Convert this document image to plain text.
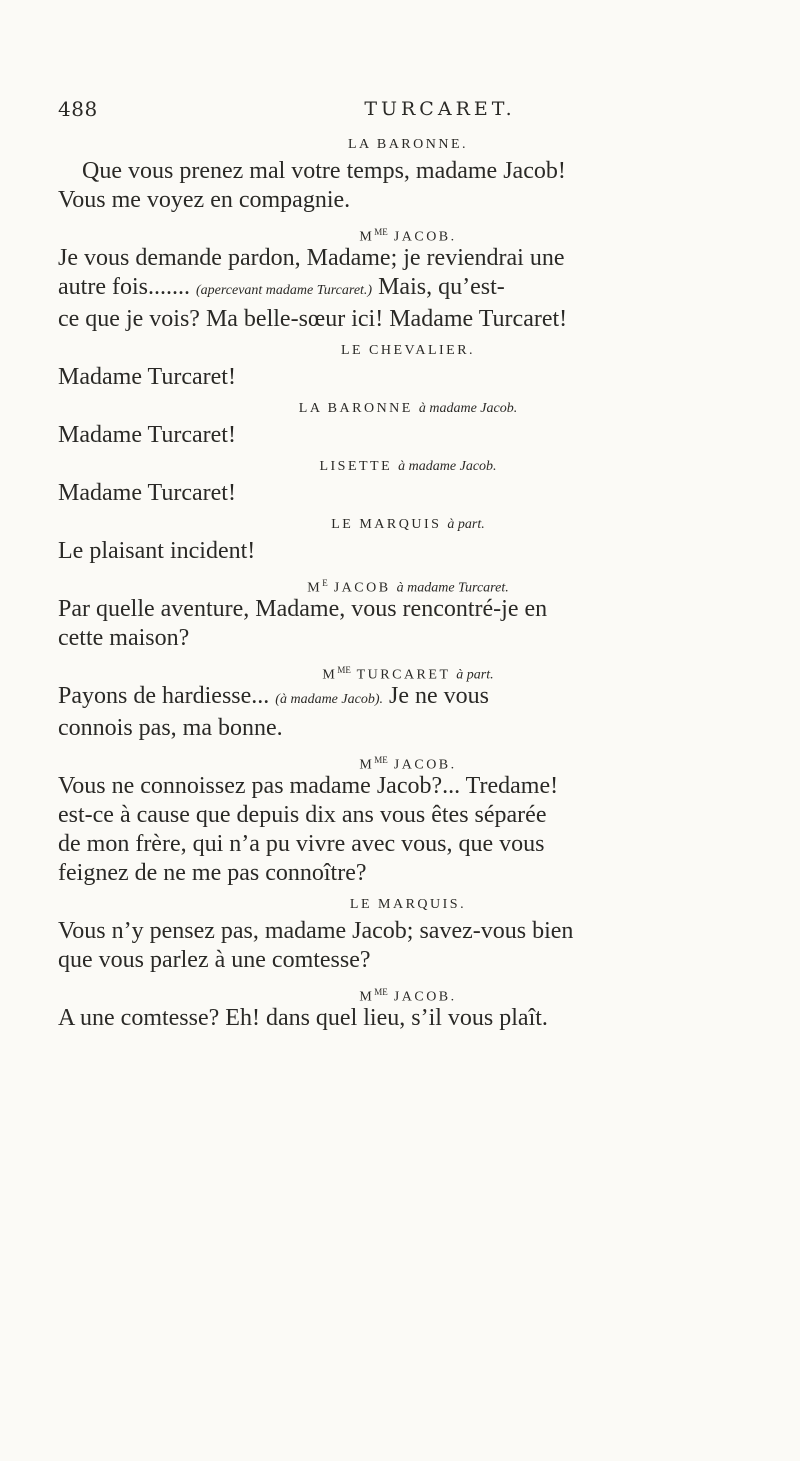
488	TURCARET.
LA BARONNE.
Que vous prenez mal votre temps, madame Jacob!
Vous me voyez en compagnie.
$M^{ME}$ JACOB.
Je vous demande pardon, Madame; je reviendrai une
autre fois....... (apercevant madame Turcaret.) Mais, qu’est-
ce que je vois? Ma belle-sœur ici! Madame Turcaret!
LE CHEVALIER.
Madame Turcaret!
LA BARONNE à madame Jacob.
Madame Turcaret!
LISETTE à madame Jacob.
Madame Turcaret!
LE MARQUIS à part.
Le plaisant incident!
$M^E$ JACOB à madame Turcaret.
Par quelle aventure, Madame, vous rencontré-je en
cette maison?
$M^{ME}$ TURCARET à part.
Payons de hardiesse... (à madame Jacob). Je ne vous
connois pas, ma bonne.
$M^{ME}$ JACOB.
Vous ne connoissez pas madame Jacob?... Tredame!
est-ce à cause que depuis dix ans vous êtes séparée
de mon frère, qui n’a pu vivre avec vous, que vous
feignez de ne me pas connoître?
LE MARQUIS.
Vous n’y pensez pas, madame Jacob; savez-vous bien
que vous parlez à une comtesse?
$M^{ME}$ JACOB.
A une comtesse? Eh! dans quel lieu, s’il vous plaît.
